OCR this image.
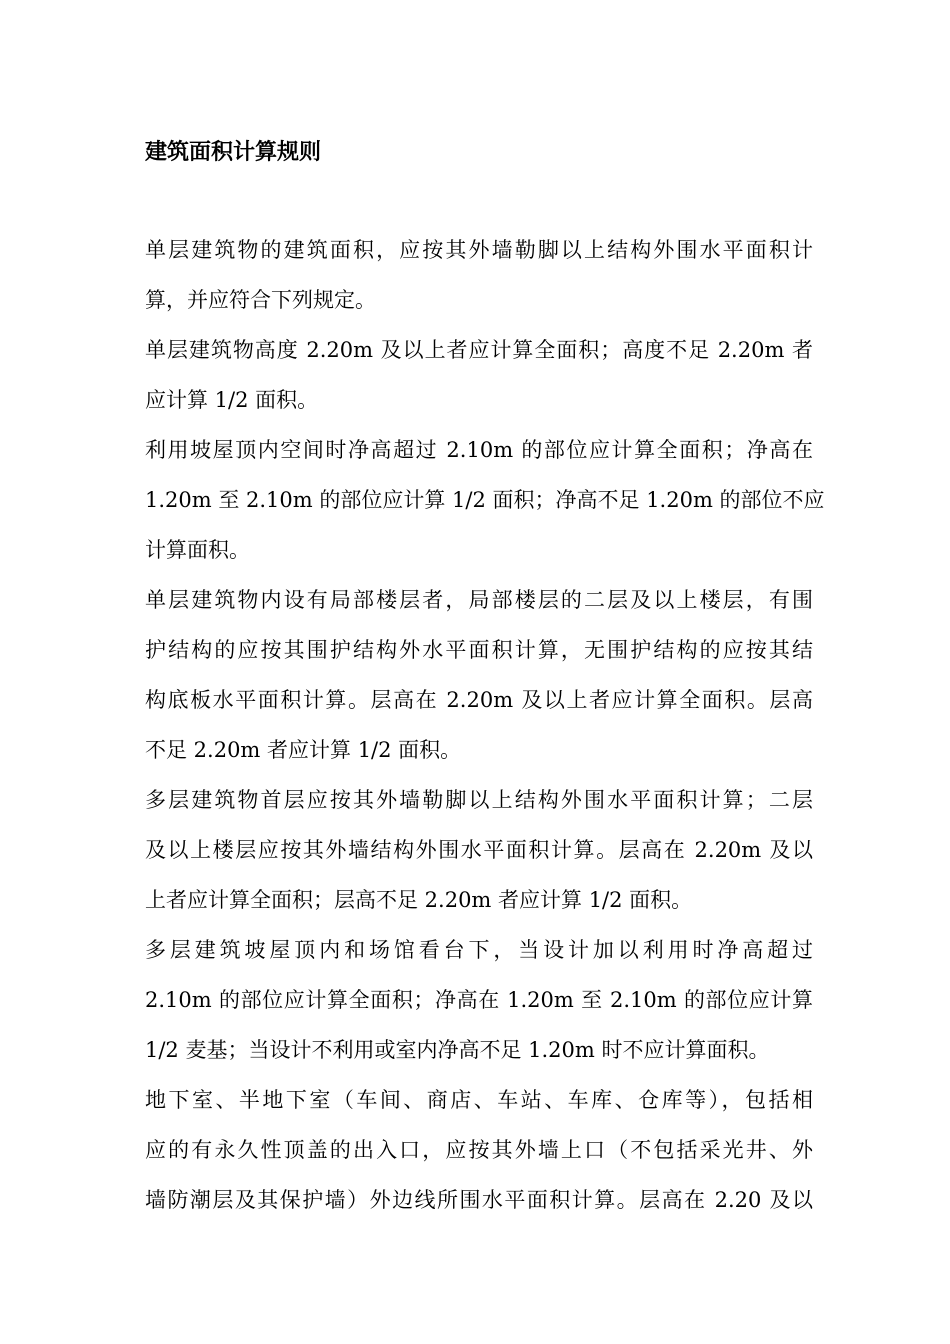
建筑面积计算规则
单层建筑物的建筑面积，应按其外墙勒脚以上结构外围水平面积计
算，并应符合下列规定。
单层建筑物高度 2.20m 及以上者应计算全面积；高度不足 2.20m 者
应计算 1/2 面积。
利用坡屋顶内空间时净高超过 2.10m 的部位应计算全面积；净高在
1.20m 至 2.10m 的部位应计算 1/2 面积；净高不足 1.20m 的部位不应
计算面积。
单层建筑物内设有局部楼层者，局部楼层的二层及以上楼层，有围
护结构的应按其围护结构外水平面积计算，无围护结构的应按其结
构底板水平面积计算。层高在 2.20m 及以上者应计算全面积。层高
不足 2.20m 者应计算 1/2 面积。
多层建筑物首层应按其外墙勒脚以上结构外围水平面积计算；二层
及以上楼层应按其外墙结构外围水平面积计算。层高在 2.20m 及以
上者应计算全面积；层高不足 2.20m 者应计算 1/2 面积。
多层建筑坡屋顶内和场馆看台下，当设计加以利用时净高超过
2.10m 的部位应计算全面积；净高在 1.20m 至 2.10m 的部位应计算
1/2 麦基；当设计不利用或室内净高不足 1.20m 时不应计算面积。
地下室、半地下室（车间、商店、车站、车库、仓库等），包括相
应的有永久性顶盖的出入口，应按其外墙上口（不包括采光井、外
墙防潮层及其保护墙）外边线所围水平面积计算。层高在 2.20 及以
